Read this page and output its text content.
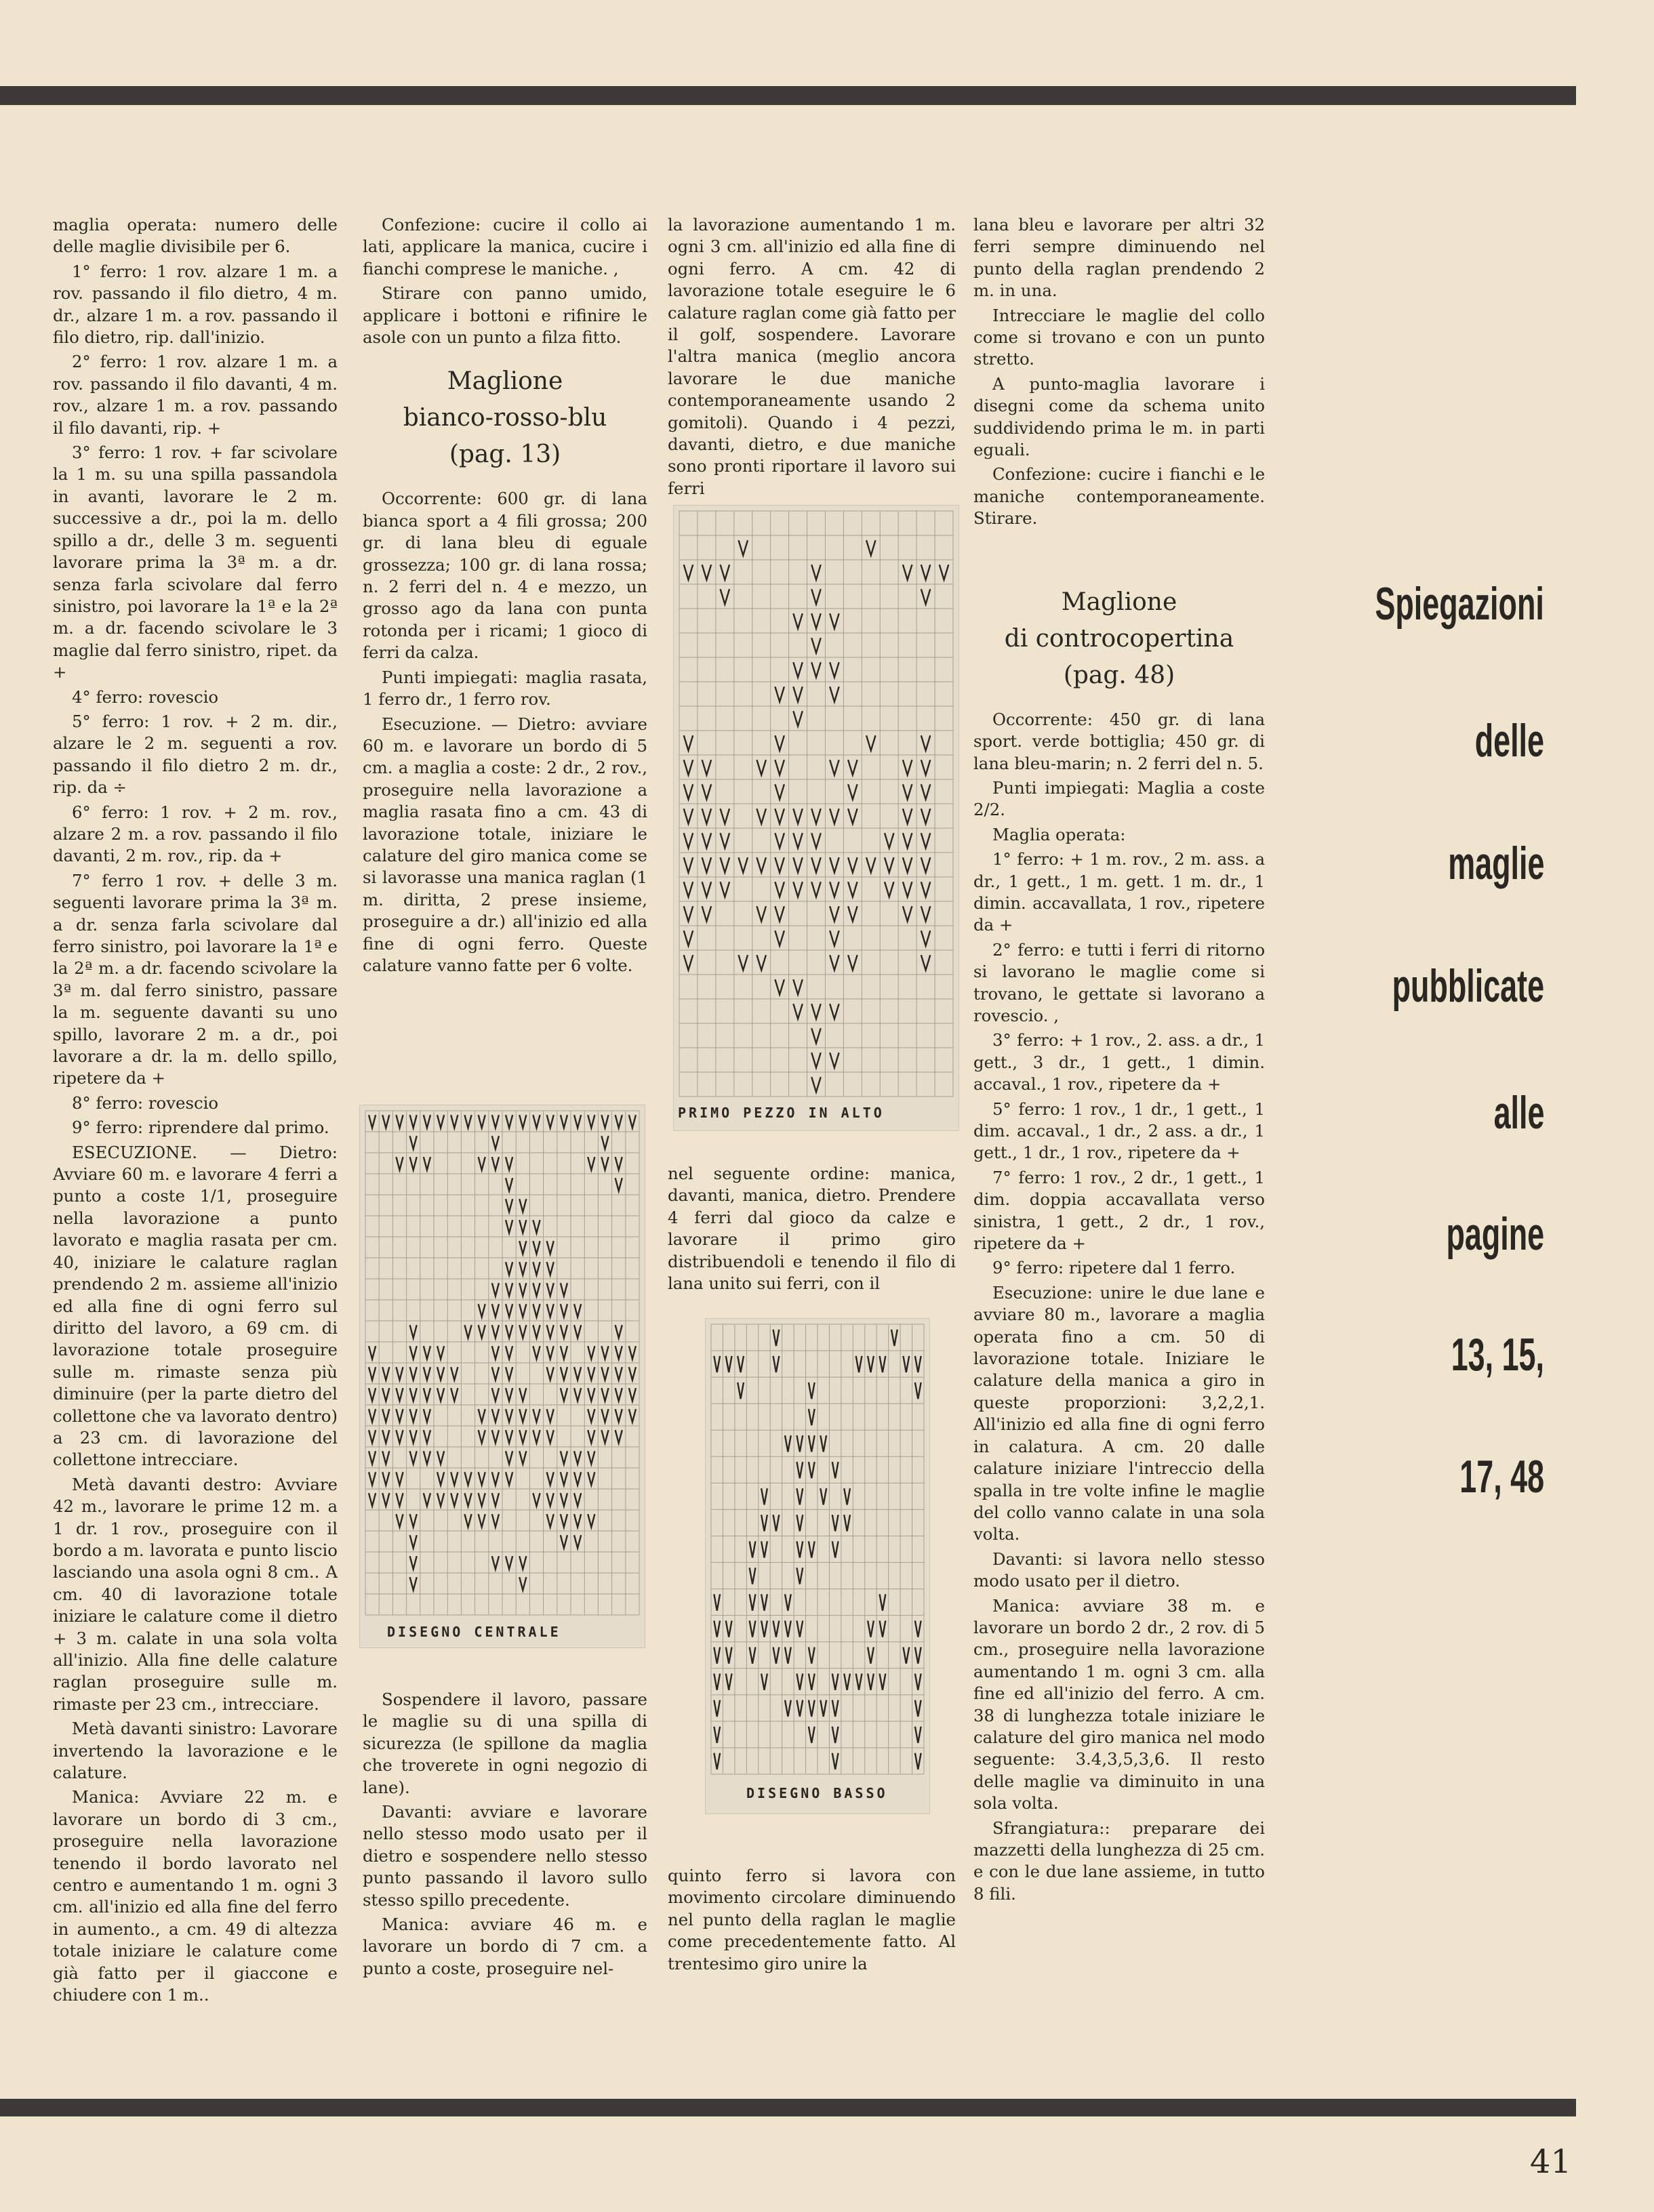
maglia operata: numero delle delle maglie divisibile per 6.

1° ferro: 1 rov. alzare 1 m. a rov. passando il filo dietro, 4 m. dr., alzare 1 m. a rov. passando il filo dietro, rip. dall'inizio.

2° ferro: 1 rov. alzare 1 m. a rov. passando il filo davanti, 4 m. rov., alzare 1 m. a rov. passando il filo davanti, rip. +

3° ferro: 1 rov. + far scivolare la 1 m. su una spilla passandola in avanti, lavorare le 2 m. successive a dr., poi la m. dello spillo a dr., delle 3 m. seguenti lavorare prima la 3ª m. a dr. senza farla scivolare dal ferro sinistro, poi lavorare la 1ª e la 2ª m. a dr. facendo scivolare le 3 maglie dal ferro sinistro, ripet. da +

4° ferro: rovescio

5° ferro: 1 rov. + 2 m. dir., alzare le 2 m. seguenti a rov. passando il filo dietro 2 m. dr., rip. da ÷

6° ferro: 1 rov. + 2 m. rov., alzare 2 m. a rov. passando il filo davanti, 2 m. rov., rip. da +

7° ferro 1 rov. + delle 3 m. seguenti lavorare prima la 3ª m. a dr. senza farla scivolare dal ferro sinistro, poi lavorare la 1ª e la 2ª m. a dr. facendo scivolare la 3ª m. dal ferro sinistro, passare la m. seguente davanti su uno spillo, lavorare 2 m. a dr., poi lavorare a dr. la m. dello spillo, ripetere da +

8° ferro: rovescio

9° ferro: riprendere dal primo.

ESECUZIONE. — Dietro: Avviare 60 m. e lavorare 4 ferri a punto a coste 1/1, proseguire nella lavorazione a punto lavorato e maglia rasata per cm. 40, iniziare le calature raglan prendendo 2 m. assieme all'inizio ed alla fine di ogni ferro sul diritto del lavoro, a 69 cm. di lavorazione totale proseguire sulle m. rimaste senza più diminuire (per la parte dietro del collettone che va lavorato dentro) a 23 cm. di lavorazione del collettone intrecciare.

Metà davanti destro: Avviare 42 m., lavorare le prime 12 m. a 1 dr. 1 rov., proseguire con il bordo a m. lavorata e punto liscio lasciando una asola ogni 8 cm.. A cm. 40 di lavorazione totale iniziare le calature come il dietro + 3 m. calate in una sola volta all'inizio. Alla fine delle calature raglan proseguire sulle m. rimaste per 23 cm., intrecciare.

Metà davanti sinistro: Lavorare invertendo la lavorazione e le calature.

Manica: Avviare 22 m. e lavorare un bordo di 3 cm., proseguire nella lavorazione tenendo il bordo lavorato nel centro e aumentando 1 m. ogni 3 cm. all'inizio ed alla fine del ferro in aumento., a cm. 49 di altezza totale iniziare le calature come già fatto per il giaccone e chiudere con 1 m..

Confezione: cucire il collo ai lati, applicare la manica, cucire i fianchi comprese le maniche. ,

Stirare con panno umido, applicare i bottoni e rifinire le asole con un punto a filza fitto.

Maglione
bianco-rosso-blu
(pag. 13)

Occorrente: 600 gr. di lana bianca sport a 4 fili grossa; 200 gr. di lana bleu di eguale grossezza; 100 gr. di lana rossa; n. 2 ferri del n. 4 e mezzo, un grosso ago da lana con punta rotonda per i ricami; 1 gioco di ferri da calza.

Punti impiegati: maglia rasata, 1 ferro dr., 1 ferro rov.

Esecuzione. — Dietro: avviare 60 m. e lavorare un bordo di 5 cm. a maglia a coste: 2 dr., 2 rov., proseguire nella lavorazione a maglia rasata fino a cm. 43 di lavorazione totale, iniziare le calature del giro manica come se si lavorasse una manica raglan (1 m. diritta, 2 prese insieme, proseguire a dr.) all'inizio ed alla fine di ogni ferro. Queste calature vanno fatte per 6 volte.

Sospendere il lavoro, passare le maglie su di una spilla di sicurezza (le spillone da maglia che troverete in ogni negozio di lane).

Davanti: avviare e lavorare nello stesso modo usato per il dietro e sospendere nello stesso punto passando il lavoro sullo stesso spillo precedente.

Manica: avviare 46 m. e lavorare un bordo di 7 cm. a punto a coste, proseguire nel-

la lavorazione aumentando 1 m. ogni 3 cm. all'inizio ed alla fine di ogni ferro. A cm. 42 di lavorazione totale eseguire le 6 calature raglan come già fatto per il golf, sospendere. Lavorare l'altra manica (meglio ancora lavorare le due maniche contemporaneamente usando 2 gomitoli). Quando i 4 pezzi, davanti, dietro, e due maniche sono pronti riportare il lavoro sui ferri

nel seguente ordine: manica, davanti, manica, dietro. Prendere 4 ferri dal gioco da calze e lavorare il primo giro distribuendoli e tenendo il filo di lana unito sui ferri, con il

quinto ferro si lavora con movimento circolare diminuendo nel punto della raglan le maglie come precedentemente fatto. Al trentesimo giro unire la

lana bleu e lavorare per altri 32 ferri sempre diminuendo nel punto della raglan prendendo 2 m. in una.

Intrecciare le maglie del collo come si trovano e con un punto stretto.

A punto-maglia lavorare i disegni come da schema unito suddividendo prima le m. in parti eguali.

Confezione: cucire i fianchi e le maniche contemporaneamente. Stirare.

Maglione
di controcopertina
(pag. 48)

Occorrente: 450 gr. di lana sport. verde bottiglia; 450 gr. di lana bleu-marin; n. 2 ferri del n. 5.

Punti impiegati: Maglia a coste 2/2.

Maglia operata:

1° ferro: + 1 m. rov., 2 m. ass. a dr., 1 gett., 1 m. gett. 1 m. dr., 1 dimin. accavallata, 1 rov., ripetere da +

2° ferro: e tutti i ferri di ritorno si lavorano le maglie come si trovano, le gettate si lavorano a rovescio. ,

3° ferro: + 1 rov., 2. ass. a dr., 1 gett., 3 dr., 1 gett., 1 dimin. accaval., 1 rov., ripetere da +

5° ferro: 1 rov., 1 dr., 1 gett., 1 dim. accaval., 1 dr., 2 ass. a dr., 1 gett., 1 dr., 1 rov., ripetere da +

7° ferro: 1 rov., 2 dr., 1 gett., 1 dim. doppia accavallata verso sinistra, 1 gett., 2 dr., 1 rov., ripetere da +

9° ferro: ripetere dal 1 ferro.

Esecuzione: unire le due lane e avviare 80 m., lavorare a maglia operata fino a cm. 50 di lavorazione totale. Iniziare le calature della manica a giro in queste proporzioni: 3,2,2,1. All'inizio ed alla fine di ogni ferro in calatura. A cm. 20 dalle calature iniziare l'intreccio della spalla in tre volte infine le maglie del collo vanno calate in una sola volta.

Davanti: si lavora nello stesso modo usato per il dietro.

Manica: avviare 38 m. e lavorare un bordo 2 dr., 2 rov. di 5 cm., proseguire nella lavorazione aumentando 1 m. ogni 3 cm. alla fine ed all'inizio del ferro. A cm. 38 di lunghezza totale iniziare le calature del giro manica nel modo seguente: 3.4,3,5,3,6. Il resto delle maglie va diminuito in una sola volta.

Sfrangiatura:: preparare dei mazzetti della lunghezza di 25 cm. e con le due lane assieme, in tutto 8 fili.

Spiegazioni
delle
maglie
pubblicate
alle
pagine
13, 15,
17, 48
PRIMO PEZZO IN ALTO
DISEGNO CENTRALE
DISEGNO BASSO
41
